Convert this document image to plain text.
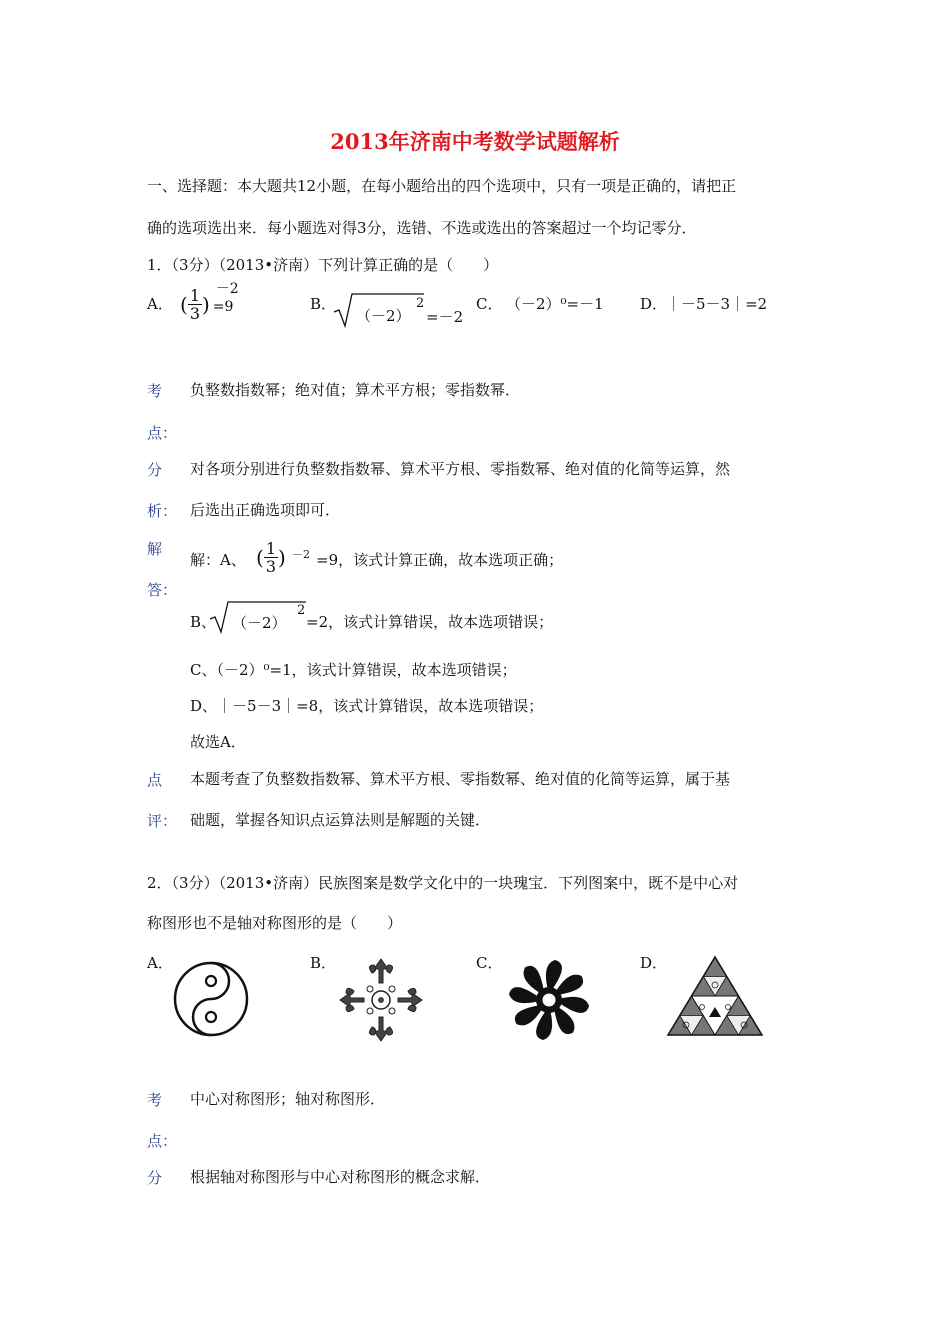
2013年济南中考数学试题解析
一、选择题：本大题共12小题，在每小题给出的四个选项中，只有一项是正确的，请把正
确的选项选出来．每小题选对得3分，选错、不选或选出的答案超过一个均记零分．
1．（3分）（2013•济南）下列计算正确的是（　　）
A． ( $\frac{1}{3} )-2=9$	B．
（－2）
2
=－2
C． （－2）⁰=－1 D．
｜－5－3｜=2
考
点：
负整数指数幂；绝对值；算术平方根；零指数幂．
分
析：
对各项分别进行负整数指数幂、算术平方根、零指数幂、绝对值的化简等运算，然
后选出正确选项即可．
解
答：
解：A、 ( $\frac{1}{3}$ ) －2 =9，该式计算正确，故本选项正确；
B、 （－2）
2
=2，该式计算错误，故本选项错误；
C、（－2）⁰=1，该式计算错误，故本选项错误；
D、｜－5－3｜=8，该式计算错误，故本选项错误；
故选A．
点
评：
本题考查了负整数指数幂、算术平方根、零指数幂、绝对值的化简等运算，属于基
础题，掌握各知识点运算法则是解题的关键．
2．（3分）（2013•济南）民族图案是数学文化中的一块瑰宝．下列图案中，既不是中心对
称图形也不是轴对称图形的是（　　）
A．	B．	C．	D．
考
点：
中心对称图形；轴对称图形．
分 根据轴对称图形与中心对称图形的概念求解．
